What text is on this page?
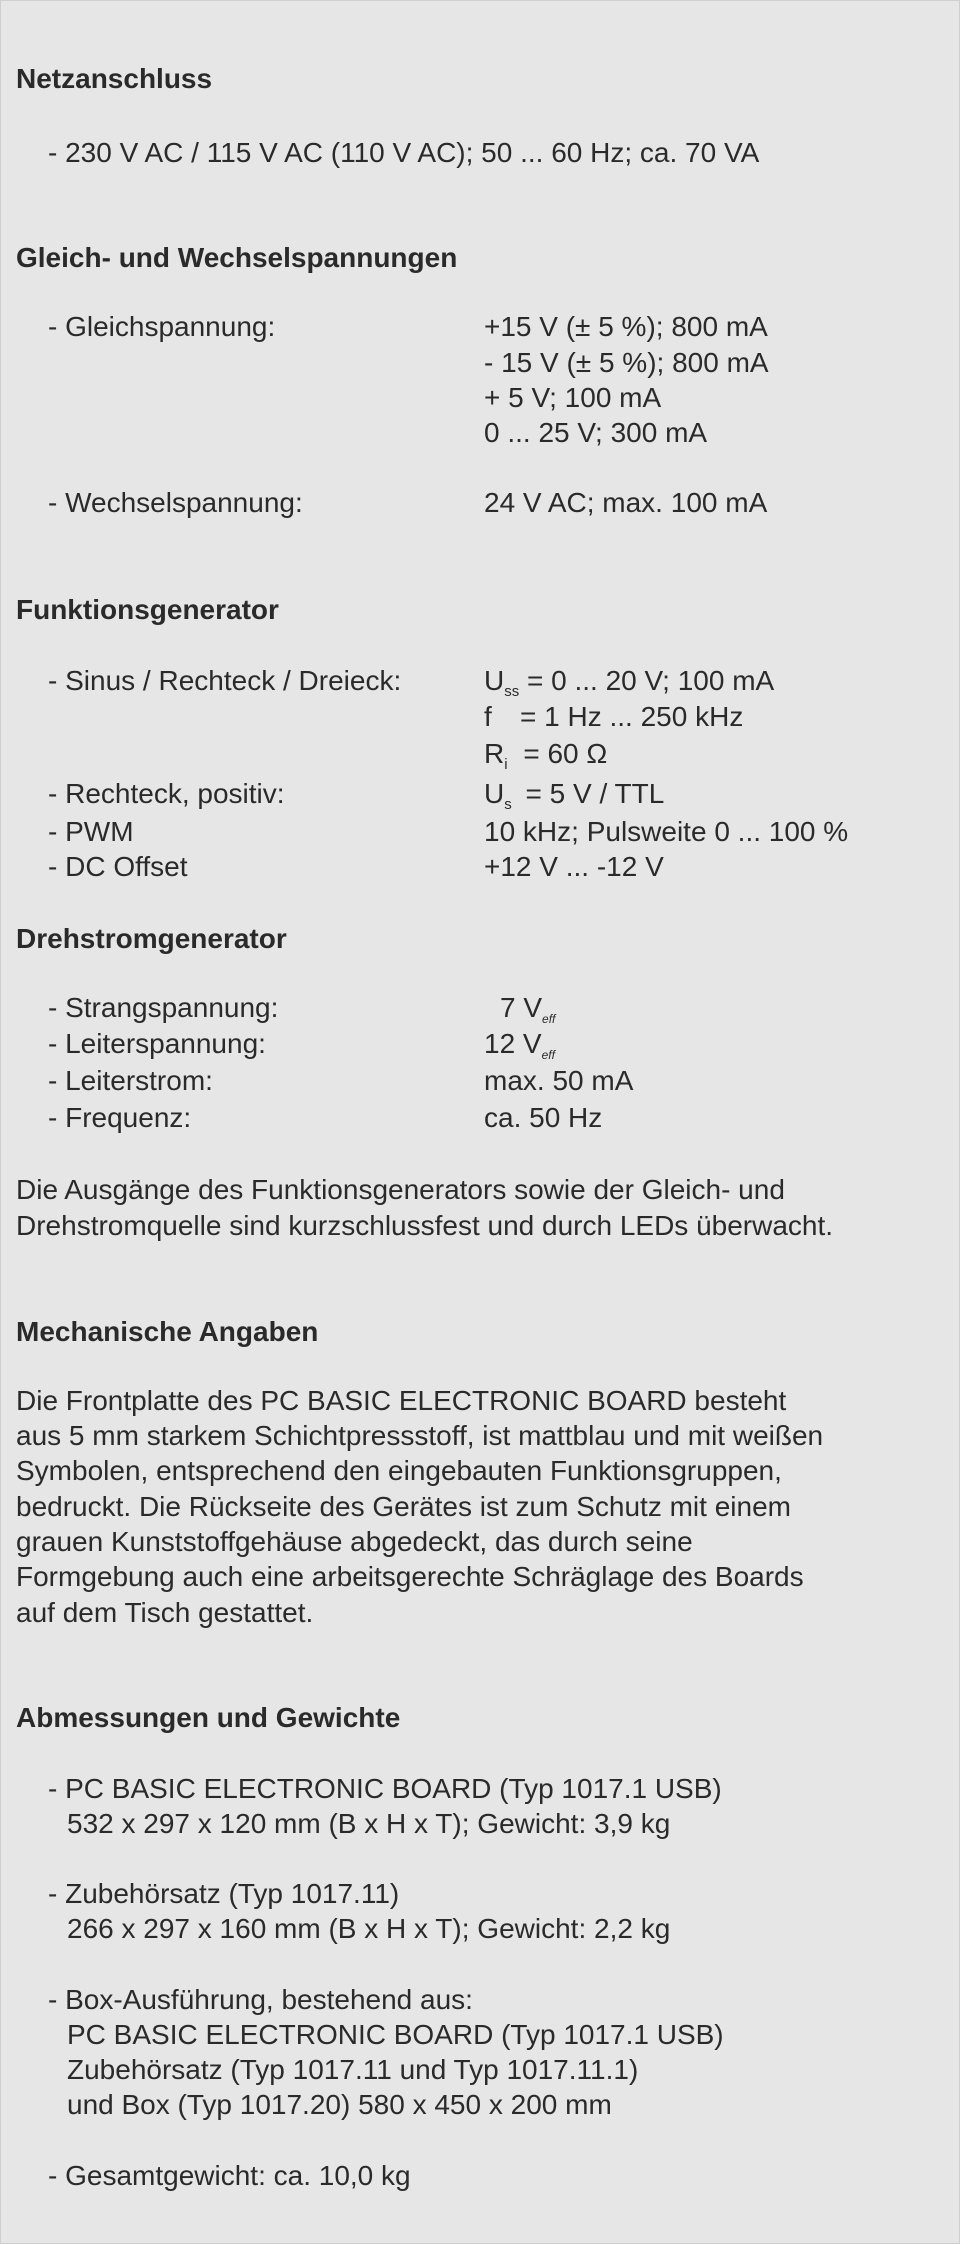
Netzanschluss
- 230 V AC / 115 V AC (110 V AC); 50 ... 60 Hz; ca. 70 VA
Gleich- und Wechselspannungen
- Gleichspannung:	+15 V (± 5 %); 800 mA
- 15 V (± 5 %); 800 mA
+ 5 V; 100 mA
0 ... 25 V; 300 mA
- Wechselspannung:	24 V AC; max. 100 mA
Funktionsgenerator
- Sinus / Rechteck / Dreieck:	$U_{ss} = 0$ ... 20 V; 100 mA
f = 1 Hz ... 250 kHz
$R_i = 60$ Ω
- Rechteck, positiv:	$U_s = 5$ V / TTL
- PWM	10 kHz; Pulsweite 0 ... 100 %
- DC Offset	+12 V ... -12 V
Drehstromgenerator
- Strangspannung:	7 $V_{eff}$
- Leiterspannung:	12 $V_{eff}$
- Leiterstrom:	max. 50 mA
- Frequenz:	ca. 50 Hz
Die Ausgänge des Funktionsgenerators sowie der Gleich- und
Drehstromquelle sind kurzschlussfest und durch LEDs überwacht.
Mechanische Angaben
Die Frontplatte des PC BASIC ELECTRONIC BOARD besteht
aus 5 mm starkem Schichtpressstoff, ist mattblau und mit weißen
Symbolen, entsprechend den eingebauten Funktionsgruppen,
bedruckt. Die Rückseite des Gerätes ist zum Schutz mit einem
grauen Kunststoffgehäuse abgedeckt, das durch seine
Formgebung auch eine arbeitsgerechte Schräglage des Boards
auf dem Tisch gestattet.
Abmessungen und Gewichte
- PC BASIC ELECTRONIC BOARD (Typ 1017.1 USB)
532 x 297 x 120 mm (B x H x T); Gewicht: 3,9 kg
- Zubehörsatz (Typ 1017.11)
266 x 297 x 160 mm (B x H x T); Gewicht: 2,2 kg
- Box-Ausführung, bestehend aus:
PC BASIC ELECTRONIC BOARD (Typ 1017.1 USB)
Zubehörsatz (Typ 1017.11 und Typ 1017.11.1)
und Box (Typ 1017.20) 580 x 450 x 200 mm
- Gesamtgewicht: ca. 10,0 kg
